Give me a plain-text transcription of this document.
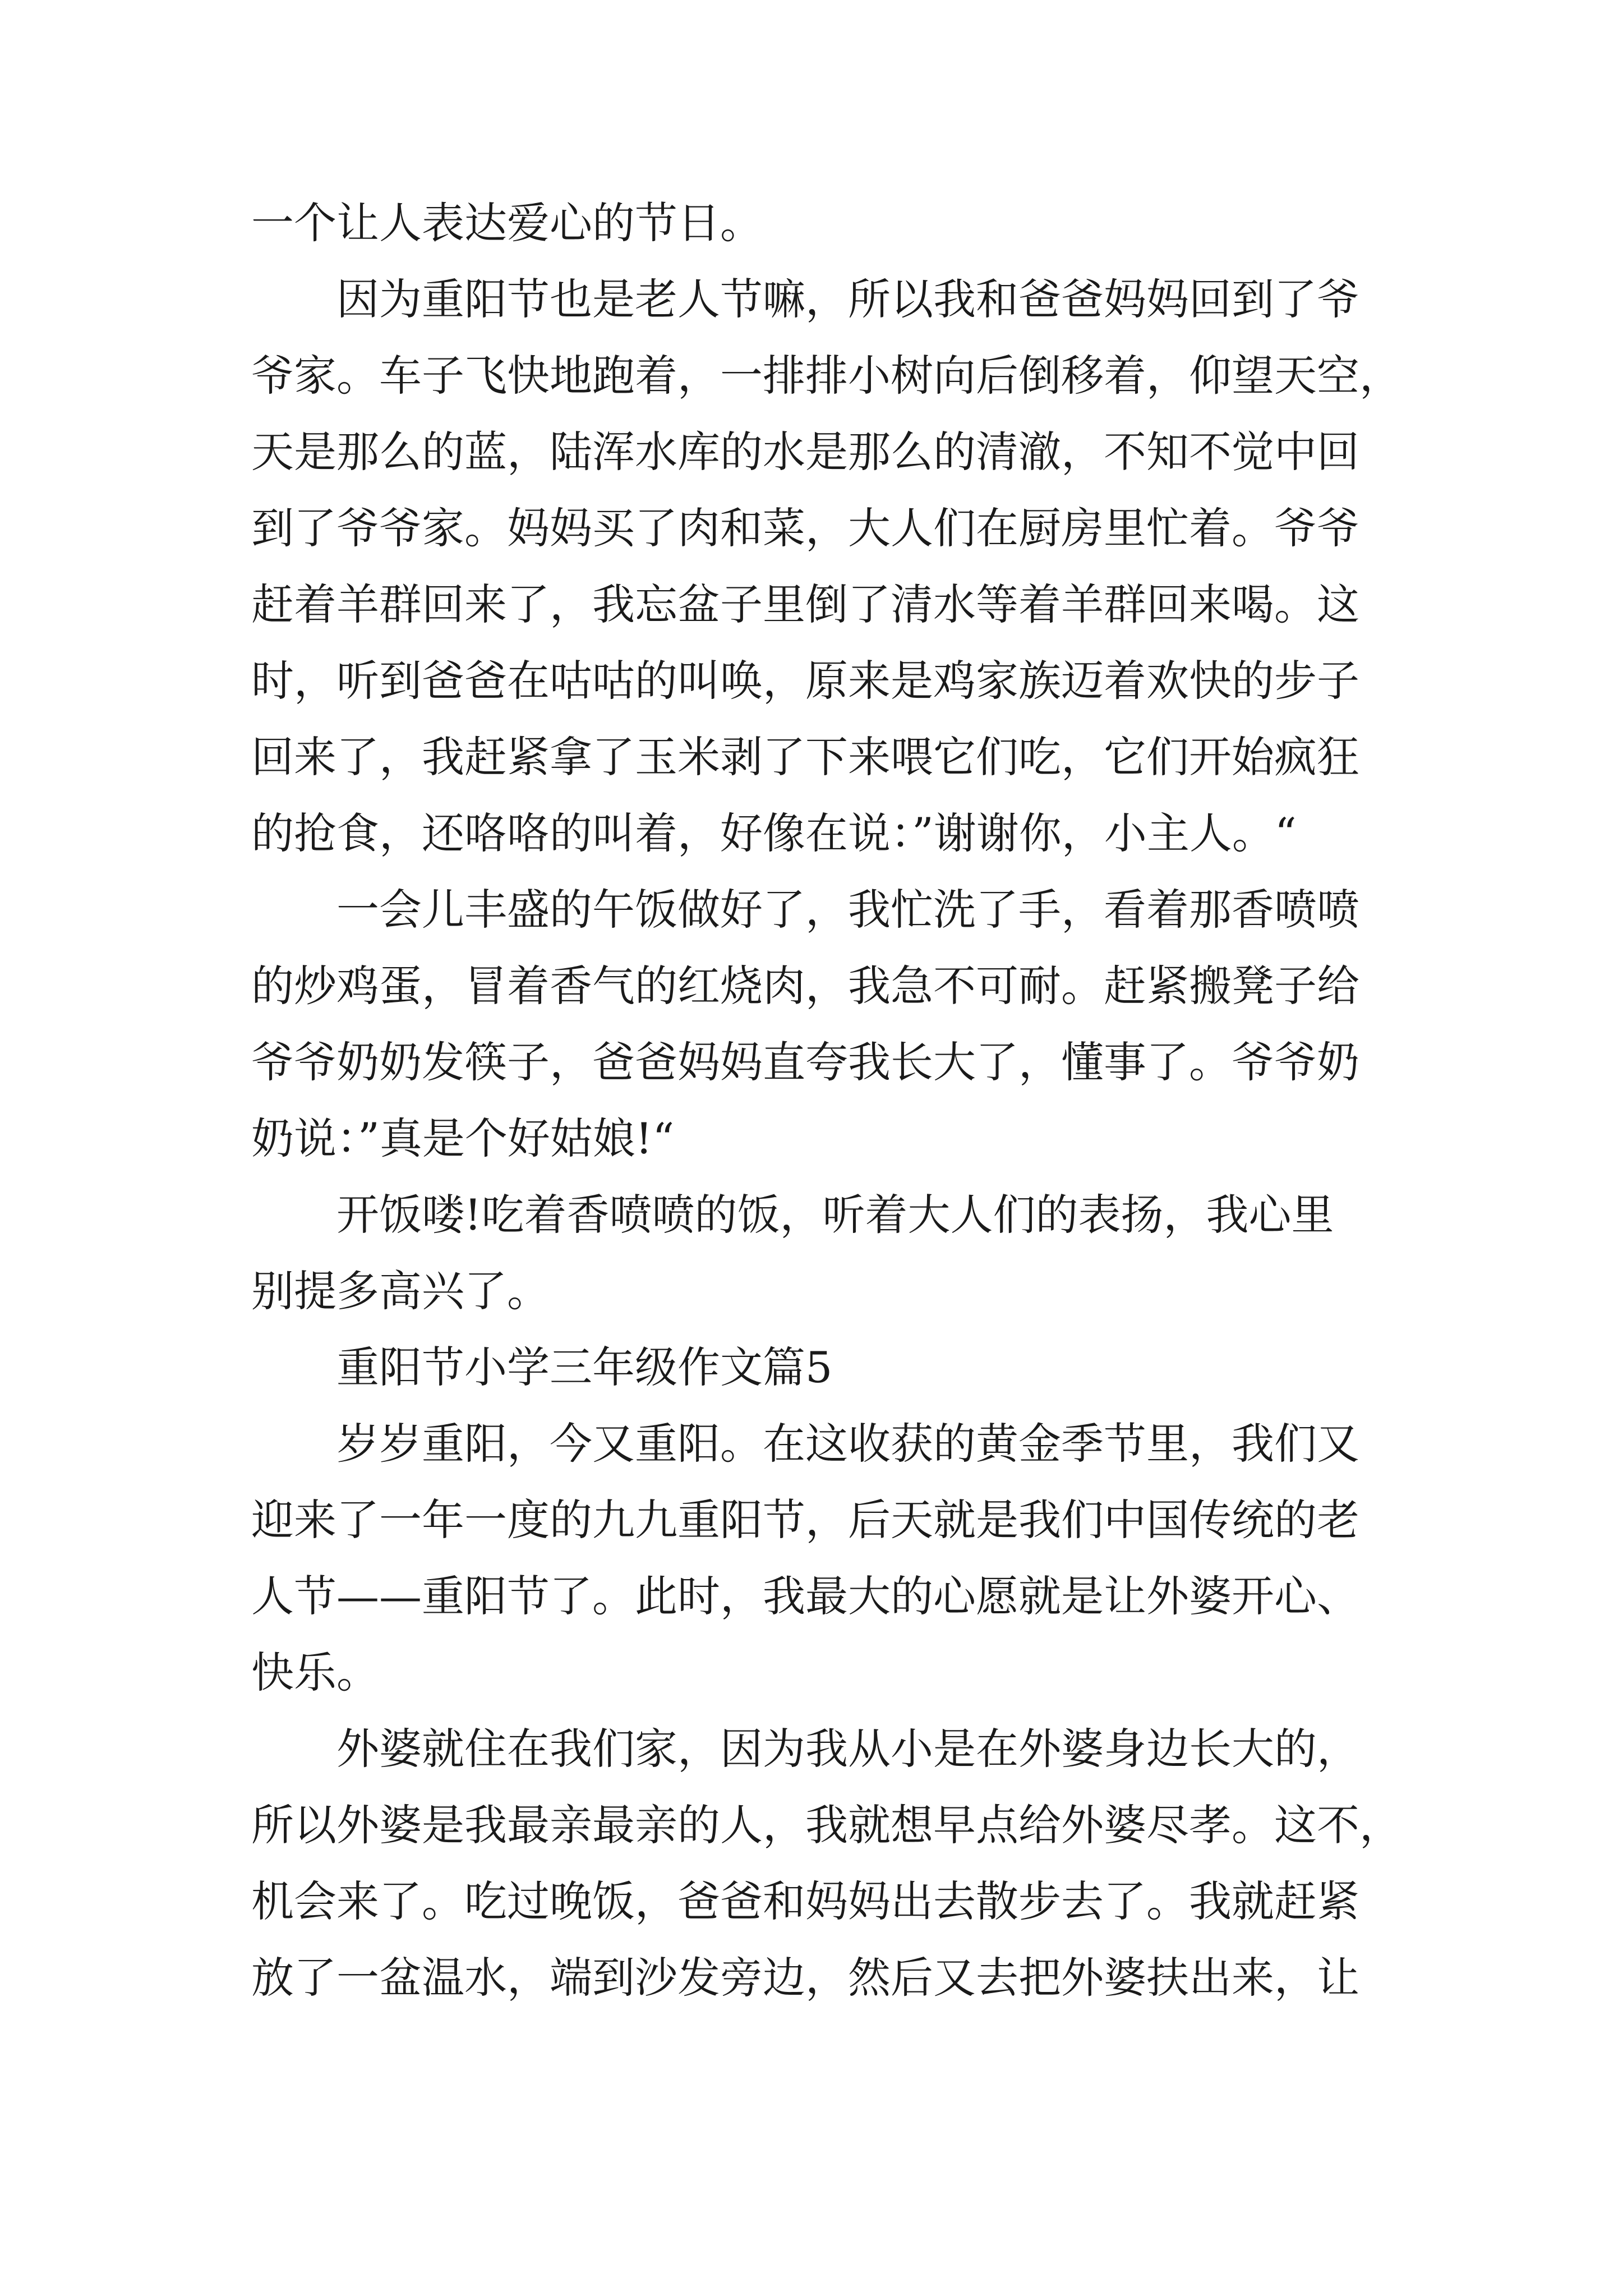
一个让人表达爱心的节日。

因为重阳节也是老人节嘛，所以我和爸爸妈妈回到了爷

爷家。车子飞快地跑着，一排排小树向后倒移着，仰望天空，

天是那么的蓝，陆浑水库的水是那么的清澈，不知不觉中回

到了爷爷家。妈妈买了肉和菜，大人们在厨房里忙着。爷爷

赶着羊群回来了，我忘盆子里倒了清水等着羊群回来喝。这

时，听到爸爸在咕咕的叫唤，原来是鸡家族迈着欢快的步子

回来了，我赶紧拿了玉米剥了下来喂它们吃，它们开始疯狂

的抢食，还咯咯的叫着，好像在说：”谢谢你，小主人。“

一会儿丰盛的午饭做好了，我忙洗了手，看着那香喷喷

的炒鸡蛋，冒着香气的红烧肉，我急不可耐。赶紧搬凳子给

爷爷奶奶发筷子，爸爸妈妈直夸我长大了，懂事了。爷爷奶

奶说：”真是个好姑娘!“

开饭喽!吃着香喷喷的饭，听着大人们的表扬，我心里

别提多高兴了。

重阳节小学三年级作文篇5

岁岁重阳，今又重阳。在这收获的黄金季节里，我们又

迎来了一年一度的九九重阳节，后天就是我们中国传统的老

人节——重阳节了。此时，我最大的心愿就是让外婆开心、

快乐。

外婆就住在我们家，因为我从小是在外婆身边长大的，

所以外婆是我最亲最亲的人，我就想早点给外婆尽孝。这不，

机会来了。吃过晚饭，爸爸和妈妈出去散步去了。我就赶紧

放了一盆温水，端到沙发旁边，然后又去把外婆扶出来，让
